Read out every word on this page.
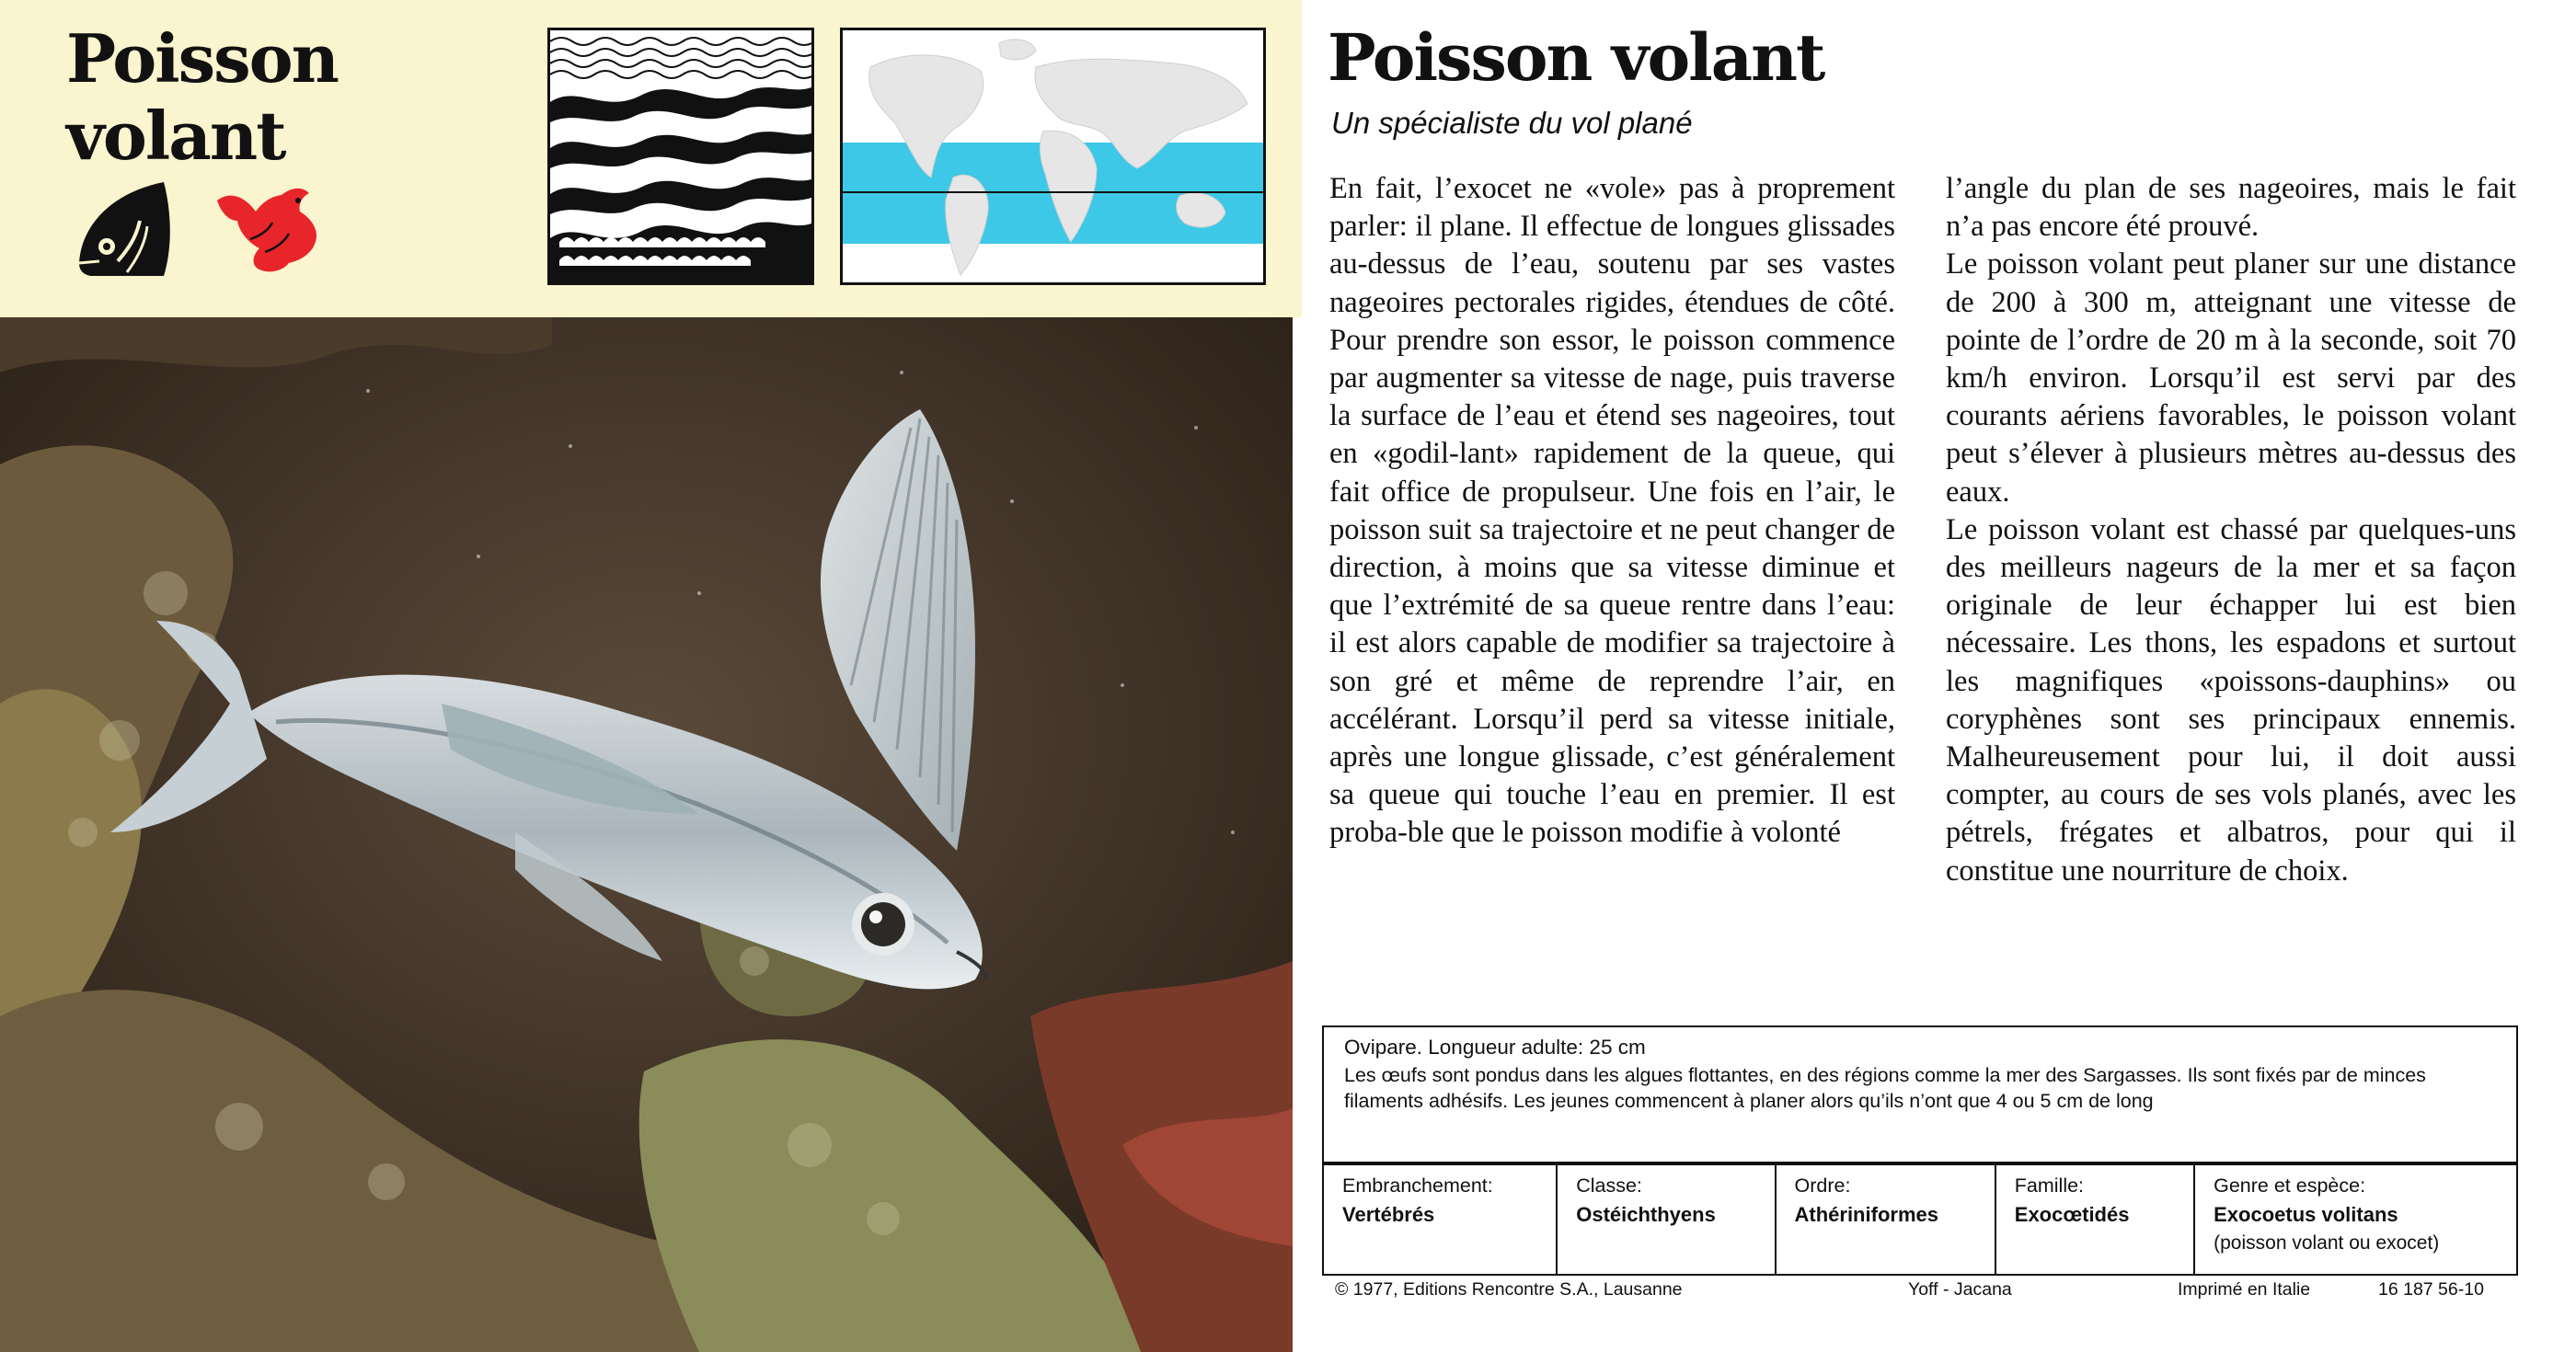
Poisson
volant
Poisson volant
Un spécialiste du vol plané

En fait, l’exocet ne «vole» pas à proprement parler: il plane. Il effectue de longues glissades au-dessus de l’eau, soutenu par ses vastes nageoires pectorales rigides, étendues de côté. Pour prendre son essor, le poisson commence par augmenter sa vitesse de nage, puis traverse la surface de l’eau et étend ses nageoires, tout en «godil-lant» rapidement de la queue, qui fait office de propulseur. Une fois en l’air, le poisson suit sa trajectoire et ne peut changer de direction, à moins que sa vitesse diminue et que l’extrémité de sa queue rentre dans l’eau: il est alors capable de modifier sa trajectoire à son gré et même de reprendre l’air, en accélérant. Lorsqu’il perd sa vitesse initiale, après une longue glissade, c’est généralement sa queue qui touche l’eau en premier. Il est proba-ble que le poisson modifie à volonté

l’angle du plan de ses nageoires, mais le fait n’a pas encore été prouvé.

Le poisson volant peut planer sur une distance de 200 à 300 m, atteignant une vitesse de pointe de l’ordre de 20 m à la seconde, soit 70 km/h environ. Lorsqu’il est servi par des courants aériens favorables, le poisson volant peut s’élever à plusieurs mètres au-dessus des eaux.

Le poisson volant est chassé par quelques-uns des meilleurs nageurs de la mer et sa façon originale de leur échapper lui est bien nécessaire. Les thons, les espadons et surtout les magnifiques «poissons-dauphins» ou coryphènes sont ses principaux ennemis. Malheureusement pour lui, il doit aussi compter, au cours de ses vols planés, avec les pétrels, frégates et albatros, pour qui il constitue une nourriture de choix.

Ovipare. Longueur adulte: 25 cm
Les œufs sont pondus dans les algues flottantes, en des régions comme la mer des Sargasses. Ils sont fixés par de minces filaments adhésifs. Les jeunes commencent à planer alors qu’ils n’ont que 4 ou 5 cm de long
Embranchement:
Vertébrés
Classe:
Ostéichthyens
Ordre:
Athériniformes
Famille:
Exocœtidés
Genre et espèce:
Exocoetus volitans
(poisson volant ou exocet)
© 1977, Editions Rencontre S.A., Lausanne	Yoff - Jacana	Imprimé en Italie	16 187 56-10
